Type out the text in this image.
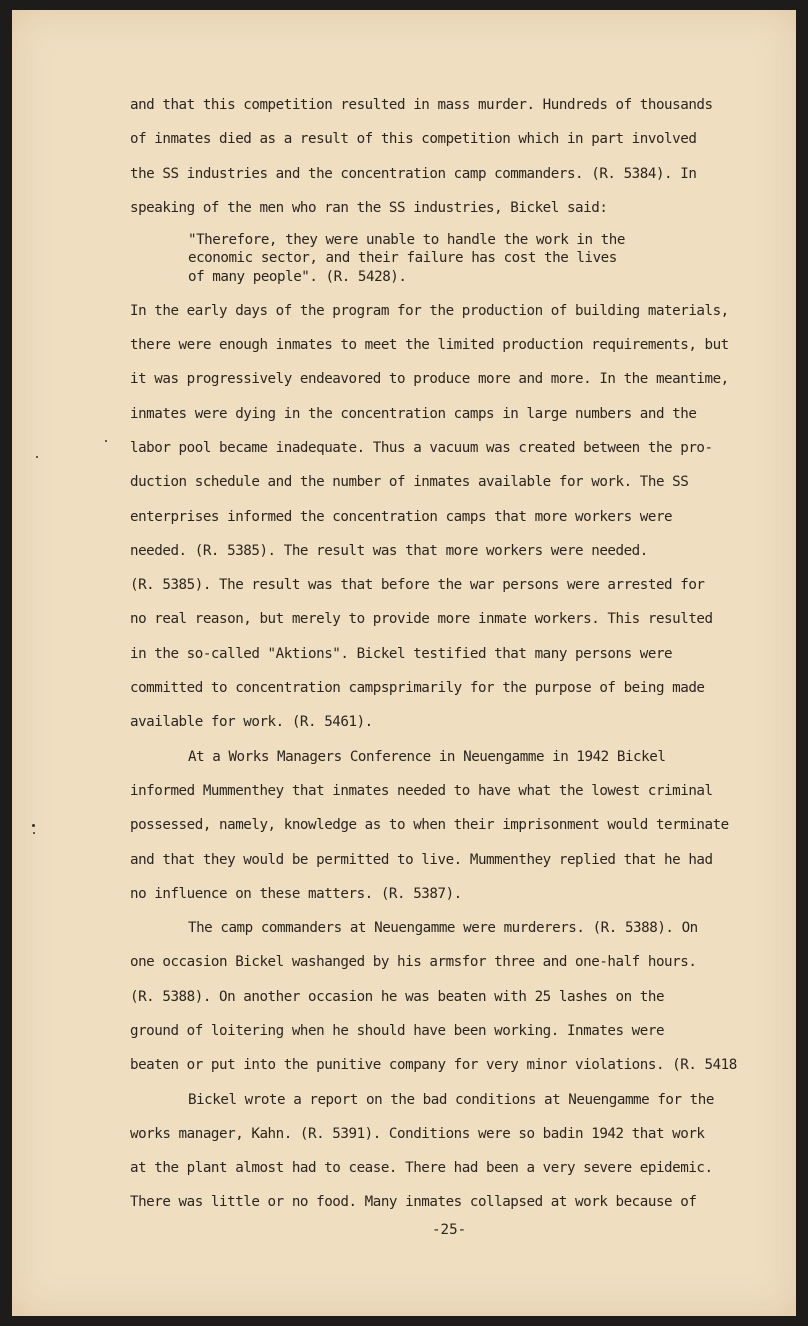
and that this competition resulted in mass murder. Hundreds of thousands
of inmates died as a result of this competition which in part involved
the SS industries and the concentration camp commanders. (R. 5384). In
speaking of the men who ran the SS industries, Bickel said:
"Therefore, they were unable to handle the work in the
economic sector, and their failure has cost the lives
of many people". (R. 5428).
In the early days of the program for the production of building materials,
there were enough inmates to meet the limited production requirements, but
it was progressively endeavored to produce more and more. In the meantime,
inmates were dying in the concentration camps in large numbers and the
labor pool became inadequate. Thus a vacuum was created between the pro-
duction schedule and the number of inmates available for work. The SS
enterprises informed the concentration camps that more workers were
needed. (R. 5385). The result was that more workers were needed.
(R. 5385). The result was that before the war persons were arrested for
no real reason, but merely to provide more inmate workers. This resulted
in the so-called "Aktions". Bickel testified that many persons were
committed to concentration campsprimarily for the purpose of being made
available for work. (R. 5461).
At a Works Managers Conference in Neuengamme in 1942 Bickel
informed Mummenthey that inmates needed to have what the lowest criminal
possessed, namely, knowledge as to when their imprisonment would terminate
and that they would be permitted to live. Mummenthey replied that he had
no influence on these matters. (R. 5387).
The camp commanders at Neuengamme were murderers. (R. 5388). On
one occasion Bickel washanged by his armsfor three and one-half hours.
(R. 5388). On another occasion he was beaten with 25 lashes on the
ground of loitering when he should have been working. Inmates were
beaten or put into the punitive company for very minor violations. (R. 5418
Bickel wrote a report on the bad conditions at Neuengamme for the
works manager, Kahn. (R. 5391). Conditions were so badin 1942 that work
at the plant almost had to cease. There had been a very severe epidemic.
There was little or no food. Many inmates collapsed at work because of
-25-
